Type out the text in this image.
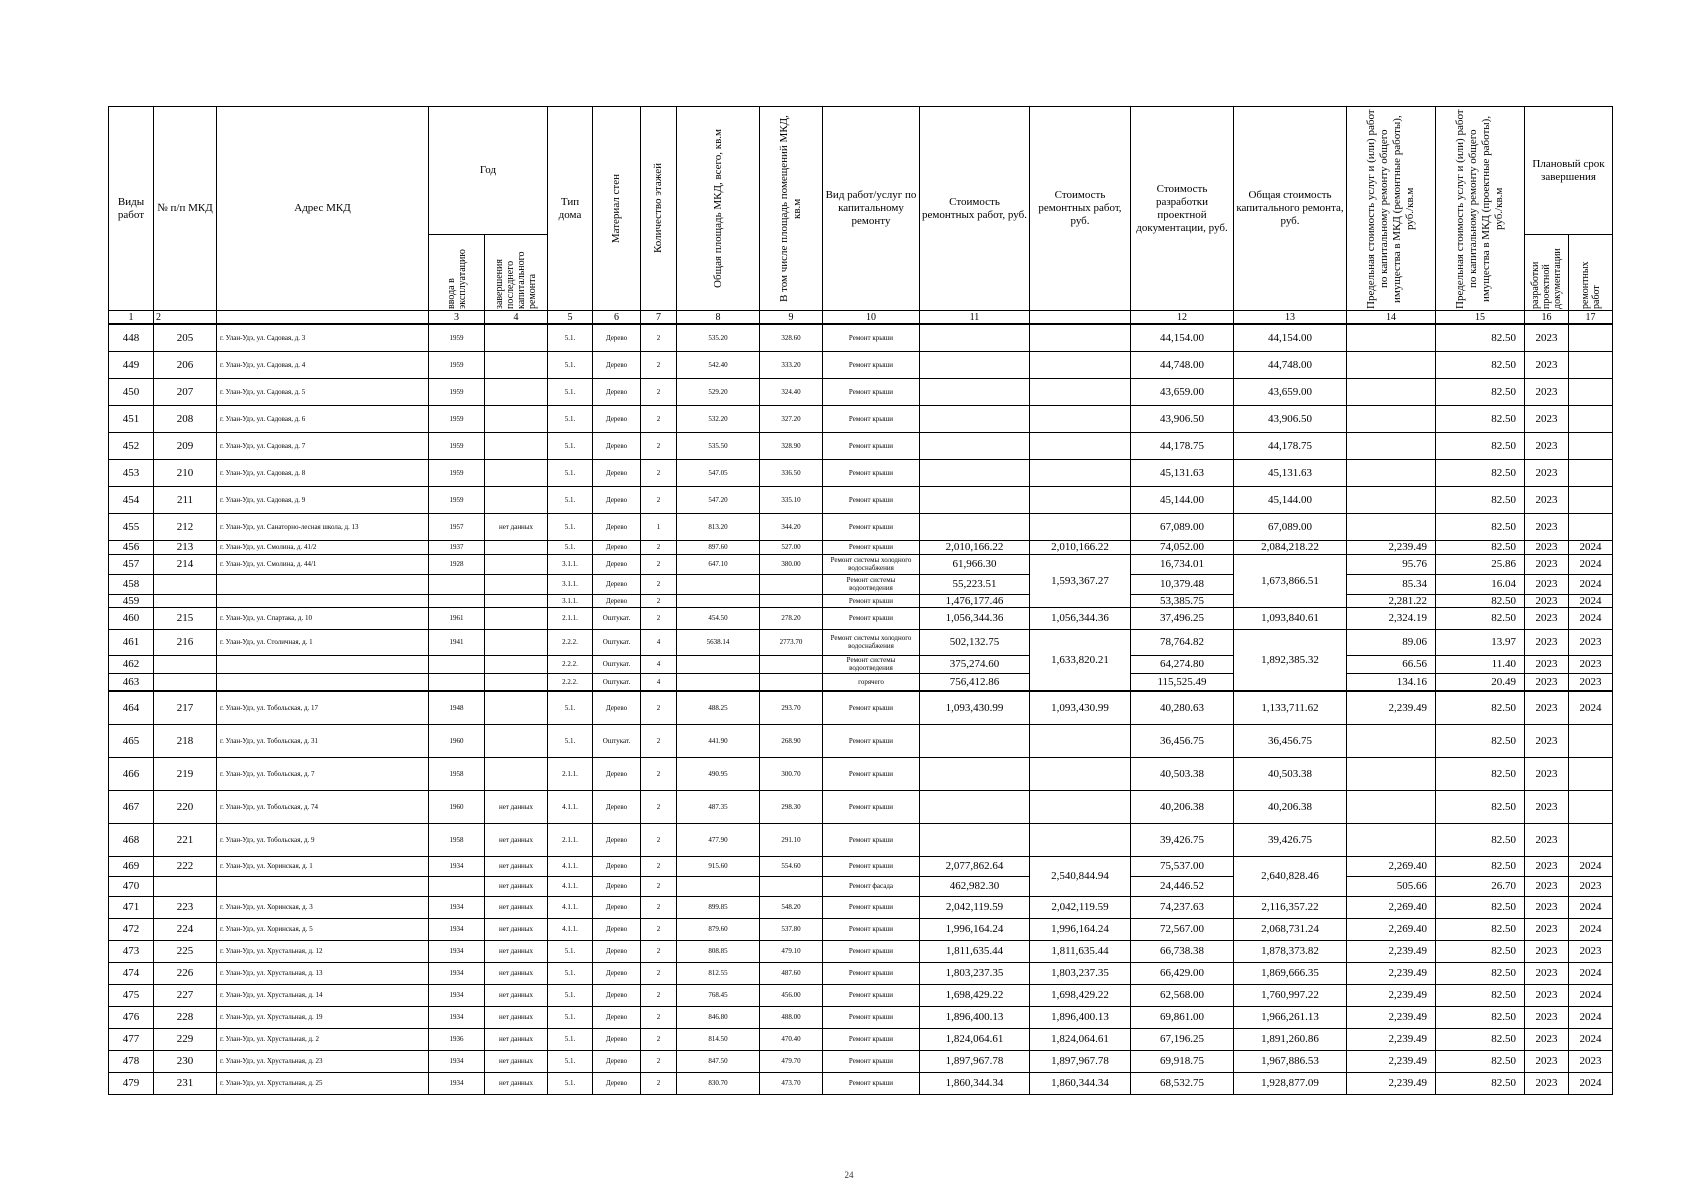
Виды работ	№ п/п МКД	Адрес МКД	Год		Тип дома	Материал стен	Количество этажей	Общая площадь МКД, всего, кв.м	В том числе площадь помещений МКД, кв.м	Вид работ/услуг по капитальному ремонту	Стоимость ремонтных работ, руб.	Стоимость ремонтных работ, руб.	Стоимость разработки проектной документации, руб.	Общая стоимость капитального ремонта, руб.	Предельная стоимость услуг и (или) работ по капитальному ремонту общего имущества в МКД (ремонтные работы), руб./кв.м	Предельная стоимость услуг и (или) работ по капитальному ремонту общего имущества в МКД (проектные работы), руб./кв.м	Плановый срок завершения	

			ввода в эксплуатацию	завершения последнего капитального ремонта													разработки проектной документации	ремонтных работ

1	2		3	4	5	6	7	8	9	10	11		12	13	14	15	16	17
448	205	г. Улан-Удэ, ул. Садовая, д. 3	1959		5.1.	Дерево	2	535.20	328.60	Ремонт крыши			44,154.00	44,154.00		82.50	2023	
449	206	г. Улан-Удэ, ул. Садовая, д. 4	1959		5.1.	Дерево	2	542.40	333.20	Ремонт крыши			44,748.00	44,748.00		82.50	2023	
450	207	г. Улан-Удэ, ул. Садовая, д. 5	1959		5.1.	Дерево	2	529.20	324.40	Ремонт крыши			43,659.00	43,659.00		82.50	2023	
451	208	г. Улан-Удэ, ул. Садовая, д. 6	1959		5.1.	Дерево	2	532.20	327.20	Ремонт крыши			43,906.50	43,906.50		82.50	2023	
452	209	г. Улан-Удэ, ул. Садовая, д. 7	1959		5.1.	Дерево	2	535.50	328.90	Ремонт крыши			44,178.75	44,178.75		82.50	2023	
453	210	г. Улан-Удэ, ул. Садовая, д. 8	1959		5.1.	Дерево	2	547.05	336.50	Ремонт крыши			45,131.63	45,131.63		82.50	2023	
454	211	г. Улан-Удэ, ул. Садовая, д. 9	1959		5.1.	Дерево	2	547.20	335.10	Ремонт крыши			45,144.00	45,144.00		82.50	2023	
455	212	г. Улан-Удэ, ул. Санаторно-лесная школа, д. 13	1957	нет данных	5.1.	Дерево	1	813.20	344.20	Ремонт крыши			67,089.00	67,089.00		82.50	2023	
456	213	г. Улан-Удэ, ул. Смолина, д. 41/2	1937		5.1.	Дерево	2	897.60	527.00	Ремонт крыши	2,010,166.22	2,010,166.22	74,052.00	2,084,218.22	2,239.49	82.50	2023	2024
457	214	г. Улан-Удэ, ул. Смолина, д. 44/1	1928		3.1.1.	Дерево	2	647.10	380.00	Ремонт системы холодного водоснабжения	61,966.30	1,593,367.27	16,734.01	1,673,866.51	95.76	25.86	2023	2024
458					3.1.1.	Дерево	2			Ремонт системы водоотведения	55,223.51		10,379.48		85.34	16.04	2023	2024
459					3.1.1.	Дерево	2			Ремонт крыши	1,476,177.46		53,385.75		2,281.22	82.50	2023	2024
460	215	г. Улан-Удэ, ул. Спартака, д. 10	1961		2.1.1.	Оштукат.	2	454.50	278.20	Ремонт крыши	1,056,344.36	1,056,344.36	37,496.25	1,093,840.61	2,324.19	82.50	2023	2024
461	216	г. Улан-Удэ, ул. Столичная, д. 1	1941		2.2.2.	Оштукат.	4	5638.14	2773.70	Ремонт системы холодного водоснабжения	502,132.75	1,633,820.21	78,764.82	1,892,385.32	89.06	13.97	2023	2023
462					2.2.2.	Оштукат.	4			Ремонт системы водоотведения	375,274.60		64,274.80		66.56	11.40	2023	2023
463					2.2.2.	Оштукат.	4			горячего	756,412.86		115,525.49		134.16	20.49	2023	2023
464	217	г. Улан-Удэ, ул. Тобольская, д. 17	1948		5.1.	Дерево	2	488.25	293.70	Ремонт крыши	1,093,430.99	1,093,430.99	40,280.63	1,133,711.62	2,239.49	82.50	2023	2024
465	218	г. Улан-Удэ, ул. Тобольская, д. 31	1960		5.1.	Оштукат.	2	441.90	268.90	Ремонт крыши			36,456.75	36,456.75		82.50	2023	
466	219	г. Улан-Удэ, ул. Тобольская, д. 7	1958		2.1.1.	Дерево	2	490.95	300.70	Ремонт крыши			40,503.38	40,503.38		82.50	2023	
467	220	г. Улан-Удэ, ул. Тобольская, д. 74	1960	нет данных	4.1.1.	Дерево	2	487.35	298.30	Ремонт крыши			40,206.38	40,206.38		82.50	2023	
468	221	г. Улан-Удэ, ул. Тобольская, д. 9	1958	нет данных	2.1.1.	Дерево	2	477.90	291.10	Ремонт крыши			39,426.75	39,426.75		82.50	2023	
469	222	г. Улан-Удэ, ул. Хоринская, д. 1	1934	нет данных	4.1.1.	Дерево	2	915.60	554.60	Ремонт крыши	2,077,862.64	2,540,844.94	75,537.00	2,640,828.46	2,269.40	82.50	2023	2024
470				нет данных	4.1.1.	Дерево	2			Ремонт фасада	462,982.30		24,446.52		505.66	26.70	2023	2023
471	223	г. Улан-Удэ, ул. Хоринская, д. 3	1934	нет данных	4.1.1.	Дерево	2	899.85	548.20	Ремонт крыши	2,042,119.59	2,042,119.59	74,237.63	2,116,357.22	2,269.40	82.50	2023	2024
472	224	г. Улан-Удэ, ул. Хоринская, д. 5	1934	нет данных	4.1.1.	Дерево	2	879.60	537.80	Ремонт крыши	1,996,164.24	1,996,164.24	72,567.00	2,068,731.24	2,269.40	82.50	2023	2024
473	225	г. Улан-Удэ, ул. Хрустальная, д. 12	1934	нет данных	5.1.	Дерево	2	808.85	479.10	Ремонт крыши	1,811,635.44	1,811,635.44	66,738.38	1,878,373.82	2,239.49	82.50	2023	2023
474	226	г. Улан-Удэ, ул. Хрустальная, д. 13	1934	нет данных	5.1.	Дерево	2	812.55	487.60	Ремонт крыши	1,803,237.35	1,803,237.35	66,429.00	1,869,666.35	2,239.49	82.50	2023	2024
475	227	г. Улан-Удэ, ул. Хрустальная, д. 14	1934	нет данных	5.1.	Дерево	2	768.45	456.00	Ремонт крыши	1,698,429.22	1,698,429.22	62,568.00	1,760,997.22	2,239.49	82.50	2023	2024
476	228	г. Улан-Удэ, ул. Хрустальная, д. 19	1934	нет данных	5.1.	Дерево	2	846.80	488.00	Ремонт крыши	1,896,400.13	1,896,400.13	69,861.00	1,966,261.13	2,239.49	82.50	2023	2024
477	229	г. Улан-Удэ, ул. Хрустальная, д. 2	1936	нет данных	5.1.	Дерево	2	814.50	470.40	Ремонт крыши	1,824,064.61	1,824,064.61	67,196.25	1,891,260.86	2,239.49	82.50	2023	2024
478	230	г. Улан-Удэ, ул. Хрустальная, д. 23	1934	нет данных	5.1.	Дерево	2	847.50	479.70	Ремонт крыши	1,897,967.78	1,897,967.78	69,918.75	1,967,886.53	2,239.49	82.50	2023	2023
479	231	г. Улан-Удэ, ул. Хрустальная, д. 25	1934	нет данных	5.1.	Дерево	2	830.70	473.70	Ремонт крыши	1,860,344.34	1,860,344.34	68,532.75	1,928,877.09	2,239.49	82.50	2023	2024
24
